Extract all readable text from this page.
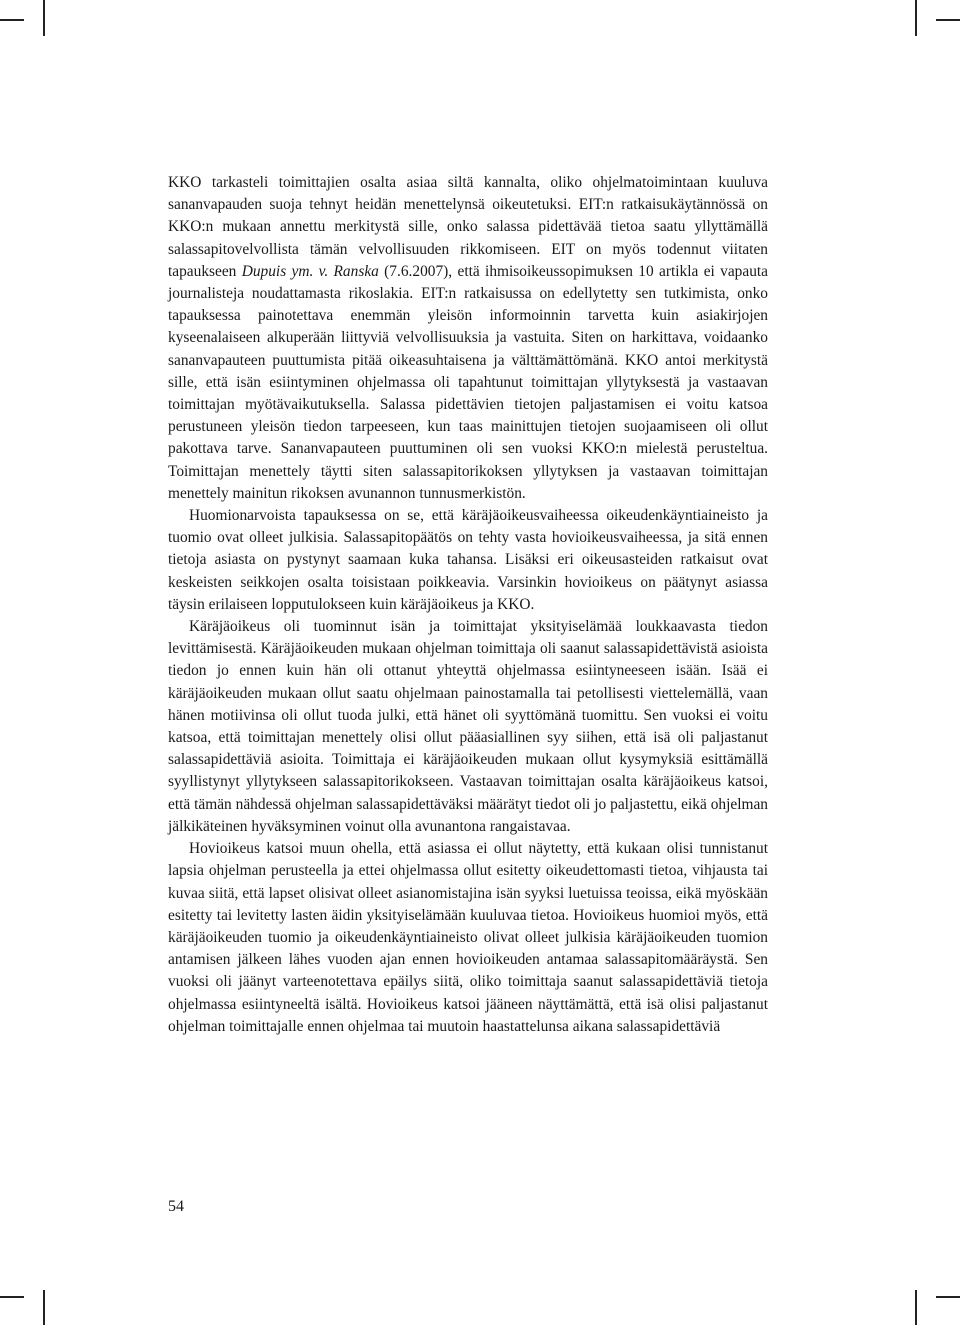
KKO tarkasteli toimittajien osalta asiaa siltä kannalta, oliko ohjelmatoimintaan kuuluva sananvapauden suoja tehnyt heidän menettelynsä oikeutetuksi. EIT:n ratkaisukäytännössä on KKO:n mukaan annettu merkitystä sille, onko salassa pidettävää tietoa saatu yllyttämällä salassapitovelvollista tämän velvollisuuden rikkomiseen. EIT on myös todennut viitaten tapaukseen Dupuis ym. v. Ranska (7.6.2007), että ihmisoikeussopimuksen 10 artikla ei vapauta journalisteja noudattamasta rikoslakia. EIT:n ratkaisussa on edellytetty sen tutkimista, onko tapauksessa painotettava enemmän yleisön informoinnin tarvetta kuin asiakirjojen kyseenalaiseen alkuperään liittyviä velvollisuuksia ja vastuita. Siten on harkittava, voidaanko sananvapauteen puuttumista pitää oikeasuhtaisena ja välttämättömänä. KKO antoi merkitystä sille, että isän esiintyminen ohjelmassa oli tapahtunut toimittajan yllytyksestä ja vastaavan toimittajan myötävaikutuksella. Salassa pidettävien tietojen paljastamisen ei voitu katsoa perustuneen yleisön tiedon tarpeeseen, kun taas mainittujen tietojen suojaamiseen oli ollut pakottava tarve. Sananvapauteen puuttuminen oli sen vuoksi KKO:n mielestä perusteltua. Toimittajan menettely täytti siten salassapitorikoksen yllytyksen ja vastaavan toimittajan menettely mainitun rikoksen avunannon tunnusmerkistön.

Huomionarvoista tapauksessa on se, että käräjäoikeusvaiheessa oikeudenkäyntiaineisto ja tuomio ovat olleet julkisia. Salassapitopäätös on tehty vasta hovioikeusvaiheessa, ja sitä ennen tietoja asiasta on pystynyt saamaan kuka tahansa. Lisäksi eri oikeusasteiden ratkaisut ovat keskeisten seikkojen osalta toisistaan poikkeavia. Varsinkin hovioikeus on päätynyt asiassa täysin erilaiseen lopputulokseen kuin käräjäoikeus ja KKO.

Käräjäoikeus oli tuominnut isän ja toimittajat yksityiselämää loukkaavasta tiedon levittämisestä. Käräjäoikeuden mukaan ohjelman toimittaja oli saanut salassapidettävistä asioista tiedon jo ennen kuin hän oli ottanut yhteyttä ohjelmassa esiintyneeseen isään. Isää ei käräjäoikeuden mukaan ollut saatu ohjelmaan painostamalla tai petollisesti viettelemällä, vaan hänen motiivinsa oli ollut tuoda julki, että hänet oli syyttömänä tuomittu. Sen vuoksi ei voitu katsoa, että toimittajan menettely olisi ollut pääasiallinen syy siihen, että isä oli paljastanut salassapidettäviä asioita. Toimittaja ei käräjäoikeuden mukaan ollut kysymyksiä esittämällä syyllistynyt yllytykseen salassapitorikokseen. Vastaavan toimittajan osalta käräjäoikeus katsoi, että tämän nähdessä ohjelman salassapidettäväksi määrätyt tiedot oli jo paljastettu, eikä ohjelman jälkikäteinen hyväksyminen voinut olla avunantona rangaistavaa.

Hovioikeus katsoi muun ohella, että asiassa ei ollut näytetty, että kukaan olisi tunnistanut lapsia ohjelman perusteella ja ettei ohjelmassa ollut esitetty oikeudettomasti tietoa, vihjausta tai kuvaa siitä, että lapset olisivat olleet asianomistajina isän syyksi luetuissa teoissa, eikä myöskään esitetty tai levitetty lasten äidin yksityiselämään kuuluvaa tietoa. Hovioikeus huomioi myös, että käräjäoikeuden tuomio ja oikeudenkäyntiaineisto olivat olleet julkisia käräjäoikeuden tuomion antamisen jälkeen lähes vuoden ajan ennen hovioikeuden antamaa salassapitomääräystä. Sen vuoksi oli jäänyt varteenotettava epäilys siitä, oliko toimittaja saanut salassapidettäviä tietoja ohjelmassa esiintyneeltä isältä. Hovioikeus katsoi jääneen näyttämättä, että isä olisi paljastanut ohjelman toimittajalle ennen ohjelmaa tai muutoin haastattelunsa aikana salassapidettäviä

54
